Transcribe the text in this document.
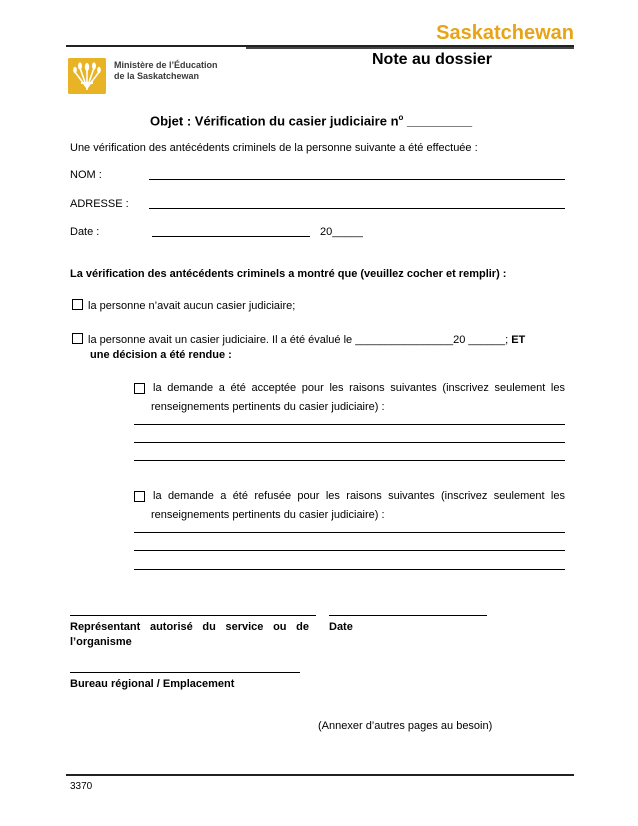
Saskatchewan
Note au dossier
Ministère de l’Éducation
de la Saskatchewan
Objet : Vérification du casier judiciaire $n^o$ _________
Une vérification des antécédents criminels de la personne suivante a été effectuée :
NOM :
ADRESSE :
Date :	20_____
La vérification des antécédents criminels a montré que (veuillez cocher et remplir) :
la personne n’avait aucun casier judiciaire;
la personne avait un casier judiciaire. Il a été évalué le ________________20 ______; ET
une décision a été rendue :
la demande a été acceptée pour les raisons suivantes (inscrivez seulement les
renseignements pertinents du casier judiciaire) :
la demande a été refusée pour les raisons suivantes (inscrivez seulement les
renseignements pertinents du casier judiciaire) :
Représentant autorisé du service ou de
l’organisme
Date
Bureau régional / Emplacement
(Annexer d’autres pages au besoin)
3370
